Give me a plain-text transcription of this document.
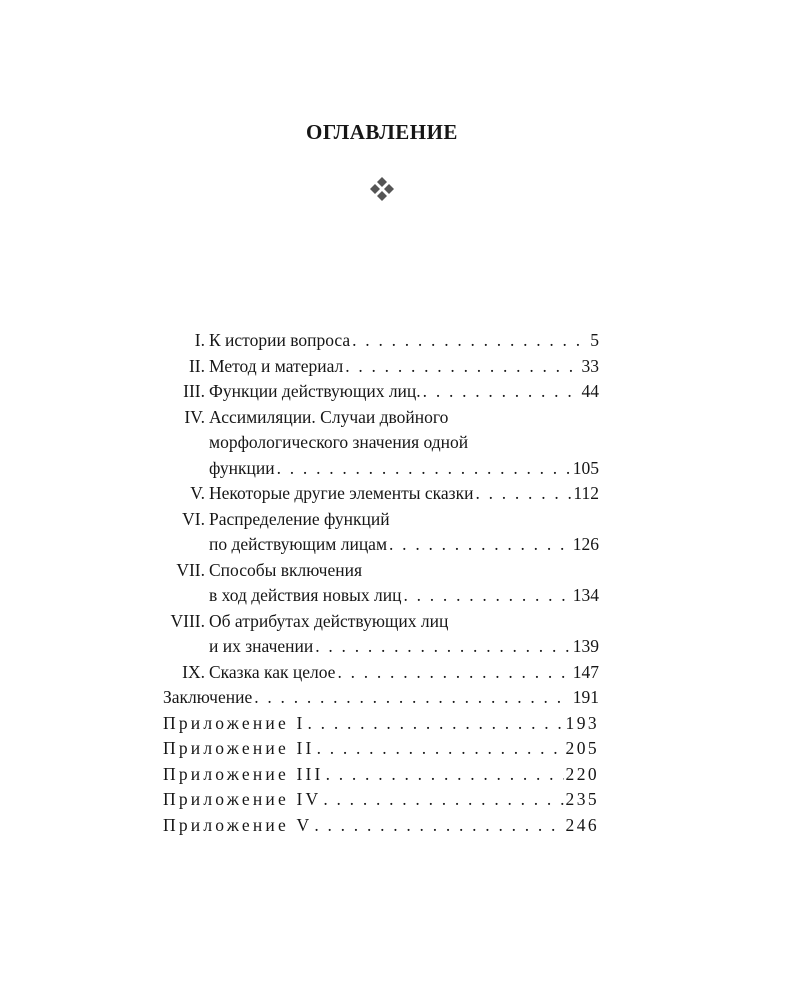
ОГЛАВЛЕНИЕ
I. К истории вопроса . . .	5
II. Метод и материал . . .	33
III. Функции действующих лиц. . . .	44
IV. Ассимиляции. Случаи двойного
морфологического значения одной
функции . . .	105
V. Некоторые другие элементы сказки . . .	112
VI. Распределение функций
по действующим лицам . . .	126
VII. Способы включения
в ход действия новых лиц . . .	134
VIII. Об атрибутах действующих лиц
и их значении . . .	139
IX. Сказка как целое . . .	147
Заключение . . .	191
Приложение I . . .	193
Приложение II . . .	205
Приложение III . . .	220
Приложение IV . . .	235
Приложение V . . .	246
